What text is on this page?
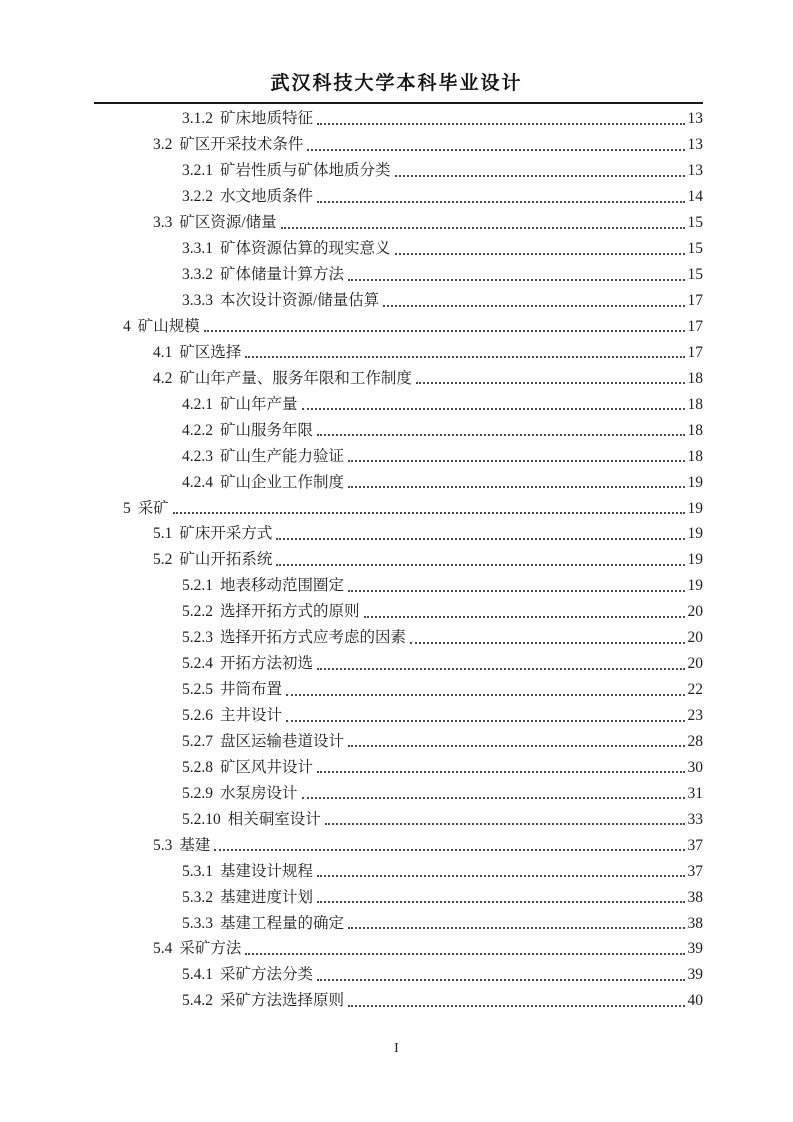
武汉科技大学本科毕业设计
3.1.2 矿床地质特征	13
3.2 矿区开采技术条件	13
3.2.1 矿岩性质与矿体地质分类	13
3.2.2 水文地质条件	14
3.3 矿区资源/储量	15
3.3.1 矿体资源估算的现实意义	15
3.3.2 矿体储量计算方法	15
3.3.3 本次设计资源/储量估算	17
4 矿山规模	17
4.1 矿区选择	17
4.2 矿山年产量、服务年限和工作制度	18
4.2.1 矿山年产量	18
4.2.2 矿山服务年限	18
4.2.3 矿山生产能力验证	18
4.2.4 矿山企业工作制度	19
5 采矿	19
5.1 矿床开采方式	19
5.2 矿山开拓系统	19
5.2.1 地表移动范围圈定	19
5.2.2 选择开拓方式的原则	20
5.2.3 选择开拓方式应考虑的因素	20
5.2.4 开拓方法初选	20
5.2.5 井筒布置	22
5.2.6 主井设计	23
5.2.7 盘区运输巷道设计	28
5.2.8 矿区风井设计	30
5.2.9 水泵房设计	31
5.2.10 相关硐室设计	33
5.3 基建	37
5.3.1 基建设计规程	37
5.3.2 基建进度计划	38
5.3.3 基建工程量的确定	38
5.4 采矿方法	39
5.4.1 采矿方法分类	39
5.4.2 采矿方法选择原则	40
I
